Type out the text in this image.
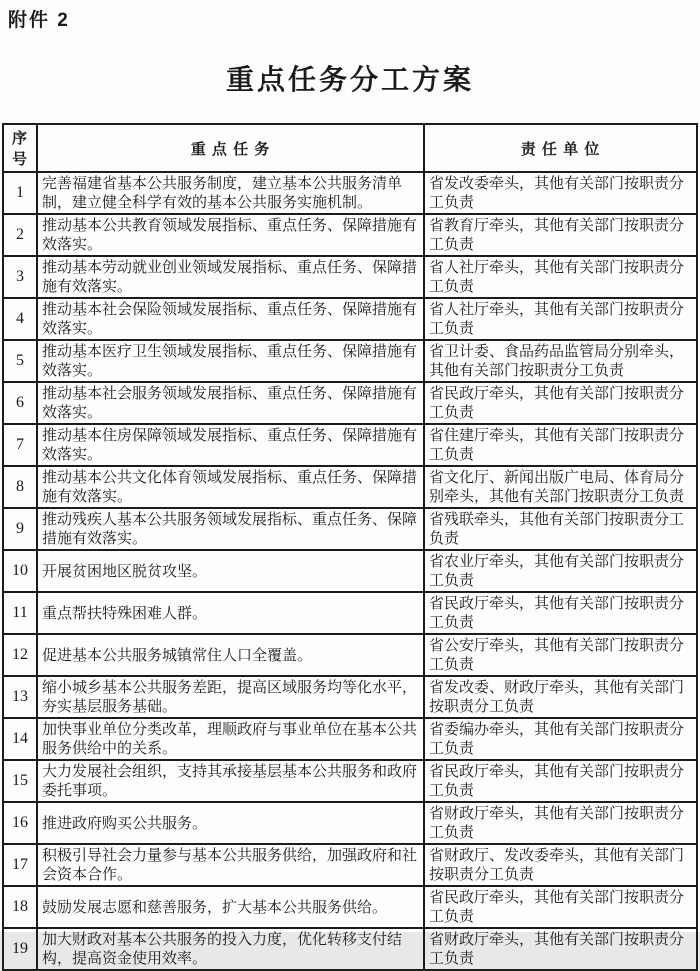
附件 2
重点任务分工方案
序号	重 点 任 务	责 任 单 位
1	完善福建省基本公共服务制度，建立基本公共服务清单制，建立健全科学有效的基本公共服务实施机制。	省发改委牵头，其他有关部门按职责分工负责
2	推动基本公共教育领域发展指标、重点任务、保障措施有效落实。	省教育厅牵头，其他有关部门按职责分工负责
3	推动基本劳动就业创业领域发展指标、重点任务、保障措施有效落实。	省人社厅牵头，其他有关部门按职责分工负责
4	推动基本社会保险领域发展指标、重点任务、保障措施有效落实。	省人社厅牵头，其他有关部门按职责分工负责
5	推动基本医疗卫生领域发展指标、重点任务、保障措施有效落实。	省卫计委、食品药品监管局分别牵头，其他有关部门按职责分工负责
6	推动基本社会服务领域发展指标、重点任务、保障措施有效落实。	省民政厅牵头，其他有关部门按职责分工负责
7	推动基本住房保障领域发展指标、重点任务、保障措施有效落实。	省住建厅牵头，其他有关部门按职责分工负责
8	推动基本公共文化体育领域发展指标、重点任务、保障措施有效落实。	省文化厅、新闻出版广电局、体育局分别牵头，其他有关部门按职责分工负责
9	推动残疾人基本公共服务领域发展指标、重点任务、保障措施有效落实。	省残联牵头，其他有关部门按职责分工负责
10	开展贫困地区脱贫攻坚。	省农业厅牵头，其他有关部门按职责分工负责
11	重点帮扶特殊困难人群。	省民政厅牵头，其他有关部门按职责分工负责
12	促进基本公共服务城镇常住人口全覆盖。	省公安厅牵头，其他有关部门按职责分工负责
13	缩小城乡基本公共服务差距，提高区域服务均等化水平，夯实基层服务基础。	省发改委、财政厅牵头，其他有关部门按职责分工负责
14	加快事业单位分类改革，理顺政府与事业单位在基本公共服务供给中的关系。	省委编办牵头，其他有关部门按职责分工负责
15	大力发展社会组织，支持其承接基层基本公共服务和政府委托事项。	省民政厅牵头，其他有关部门按职责分工负责
16	推进政府购买公共服务。	省财政厅牵头，其他有关部门按职责分工负责
17	积极引导社会力量参与基本公共服务供给，加强政府和社会资本合作。	省财政厅、发改委牵头，其他有关部门按职责分工负责
18	鼓励发展志愿和慈善服务，扩大基本公共服务供给。	省民政厅牵头，其他有关部门按职责分工负责
19	加大财政对基本公共服务的投入力度，优化转移支付结构，提高资金使用效率。	省财政厅牵头，其他有关部门按职责分工负责
